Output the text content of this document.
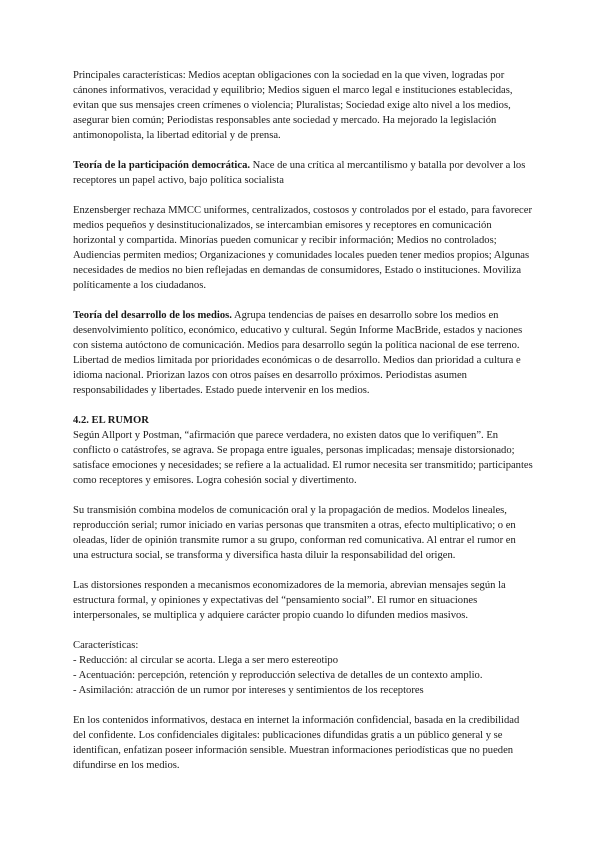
Principales características: Medios aceptan obligaciones con la sociedad en la que viven, logradas por cánones informativos, veracidad y equilibrio; Medios siguen el marco legal e instituciones establecidas, evitan que sus mensajes creen crímenes o violencia; Pluralistas; Sociedad exige alto nivel a los medios, asegurar bien común; Periodistas responsables ante sociedad y mercado. Ha mejorado la legislación antimonopolista, la libertad editorial y de prensa.

Teoría de la participación democrática. Nace de una crítica al mercantilismo y batalla por devolver a los receptores un papel activo, bajo política socialista

Enzensberger rechaza MMCC uniformes, centralizados, costosos y controlados por el estado, para favorecer medios pequeños y desinstitucionalizados, se intercambian emisores y receptores en comunicación horizontal y compartida. Minorías pueden comunicar y recibir información; Medios no controlados; Audiencias permiten medios; Organizaciones y comunidades locales pueden tener medios propios; Algunas necesidades de medios no bien reflejadas en demandas de consumidores, Estado o instituciones. Moviliza políticamente a los ciudadanos.

Teoría del desarrollo de los medios. Agrupa tendencias de países en desarrollo sobre los medios en desenvolvimiento político, económico, educativo y cultural. Según Informe MacBride, estados y naciones con sistema autóctono de comunicación. Medios para desarrollo según la política nacional de ese terreno. Libertad de medios limitada por prioridades económicas o de desarrollo. Medios dan prioridad a cultura e idioma nacional. Priorizan lazos con otros países en desarrollo próximos. Periodistas asumen responsabilidades y libertades. Estado puede intervenir en los medios.

4.2. EL RUMOR

Según Allport y Postman, “afirmación que parece verdadera, no existen datos que lo verifiquen”. En conflicto o catástrofes, se agrava. Se propaga entre iguales, personas implicadas; mensaje distorsionado; satisface emociones y necesidades; se refiere a la actualidad. El rumor necesita ser transmitido; participantes como receptores y emisores. Logra cohesión social y divertimento.

Su transmisión combina modelos de comunicación oral y la propagación de medios. Modelos lineales, reproducción serial; rumor iniciado en varias personas que transmiten a otras, efecto multiplicativo; o en oleadas, líder de opinión transmite rumor a su grupo, conforman red comunicativa. Al entrar el rumor en una estructura social, se transforma y diversifica hasta diluir la responsabilidad del origen.

Las distorsiones responden a mecanismos economizadores de la memoria, abrevian mensajes según la estructura formal, y opiniones y expectativas del “pensamiento social”. El rumor en situaciones interpersonales, se multiplica y adquiere carácter propio cuando lo difunden medios masivos.

Características:

- Reducción: al circular se acorta. Llega a ser mero estereotipo

- Acentuación: percepción, retención y reproducción selectiva de detalles de un contexto amplio.

- Asimilación: atracción de un rumor por intereses y sentimientos de los receptores

En los contenidos informativos, destaca en internet la información confidencial, basada en la credibilidad del confidente. Los confidenciales digitales: publicaciones difundidas gratis a un público general y se identifican, enfatizan poseer información sensible. Muestran informaciones periodísticas que no pueden difundirse en los medios.
